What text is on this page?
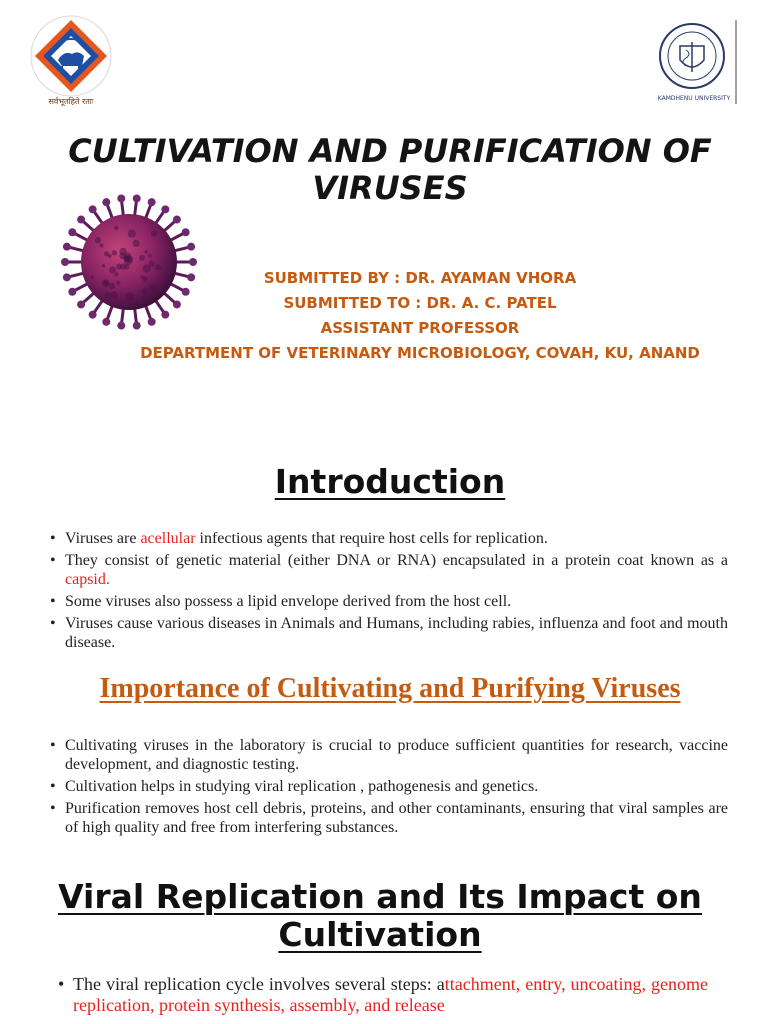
सर्वभूतहिते रताः	KAMDHENU UNIVERSITY
CULTIVATION AND PURIFICATION OF VIRUSES
SUBMITTED BY : DR. AYAMAN VHORA
SUBMITTED TO : DR. A. C. PATEL
ASSISTANT PROFESSOR
DEPARTMENT OF VETERINARY MICROBIOLOGY, COVAH, KU, ANAND
Introduction
• Viruses are acellular infectious agents that require host cells for replication.
• They consist of genetic material (either DNA or RNA) encapsulated in a protein coat known as a capsid.
• Some viruses also possess a lipid envelope derived from the host cell.
• Viruses cause various diseases in Animals and Humans, including rabies, influenza and foot and mouth disease.
Importance of Cultivating and Purifying Viruses
• Cultivating viruses in the laboratory is crucial to produce sufficient quantities for research, vaccine development, and diagnostic testing.
• Cultivation helps in studying viral replication , pathogenesis and genetics.
• Purification removes host cell debris, proteins, and other contaminants, ensuring that viral samples are of high quality and free from interfering substances.
Viral Replication and Its Impact on Cultivation
• The viral replication cycle involves several steps: attachment, entry, uncoating, genome replication, protein synthesis, assembly, and release
